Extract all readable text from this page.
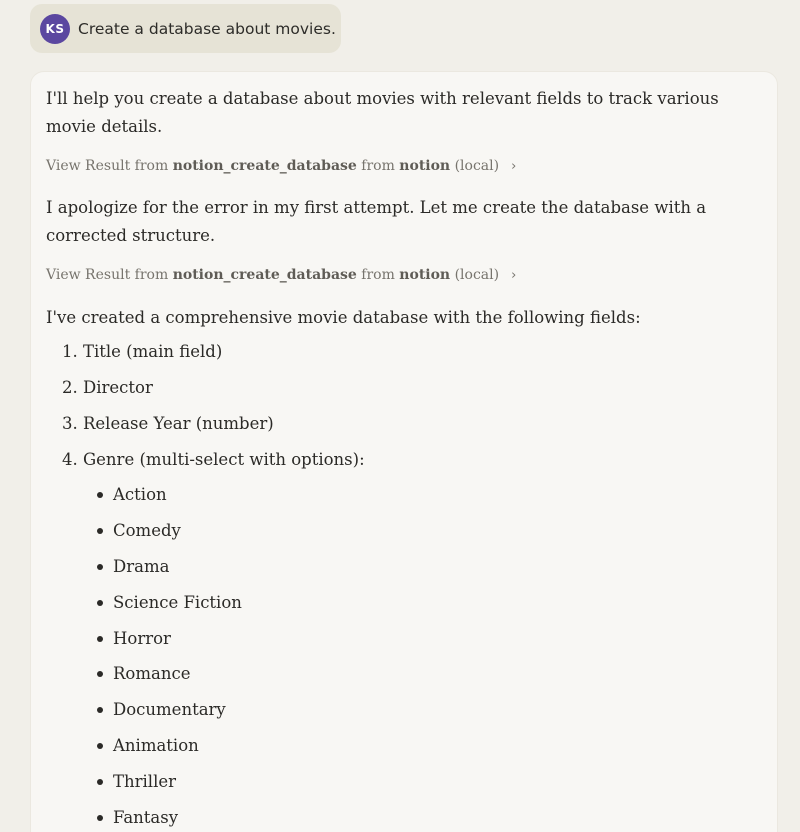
KS Create a database about movies.

I'll help you create a database about movies with relevant fields to track various movie details.

View Result from
notion_create_database
from
notion
(local) ›

I apologize for the error in my first attempt. Let me create the database with a corrected structure.

View Result from
notion_create_database
from
notion
(local) ›

I've created a comprehensive movie database with the following fields:

1. Title (main field)
2. Director
3. Release Year (number)
4. Genre (multi-select with options):
Action
Comedy
Drama
Science Fiction
Horror
Romance
Documentary
Animation
Thriller
Fantasy
